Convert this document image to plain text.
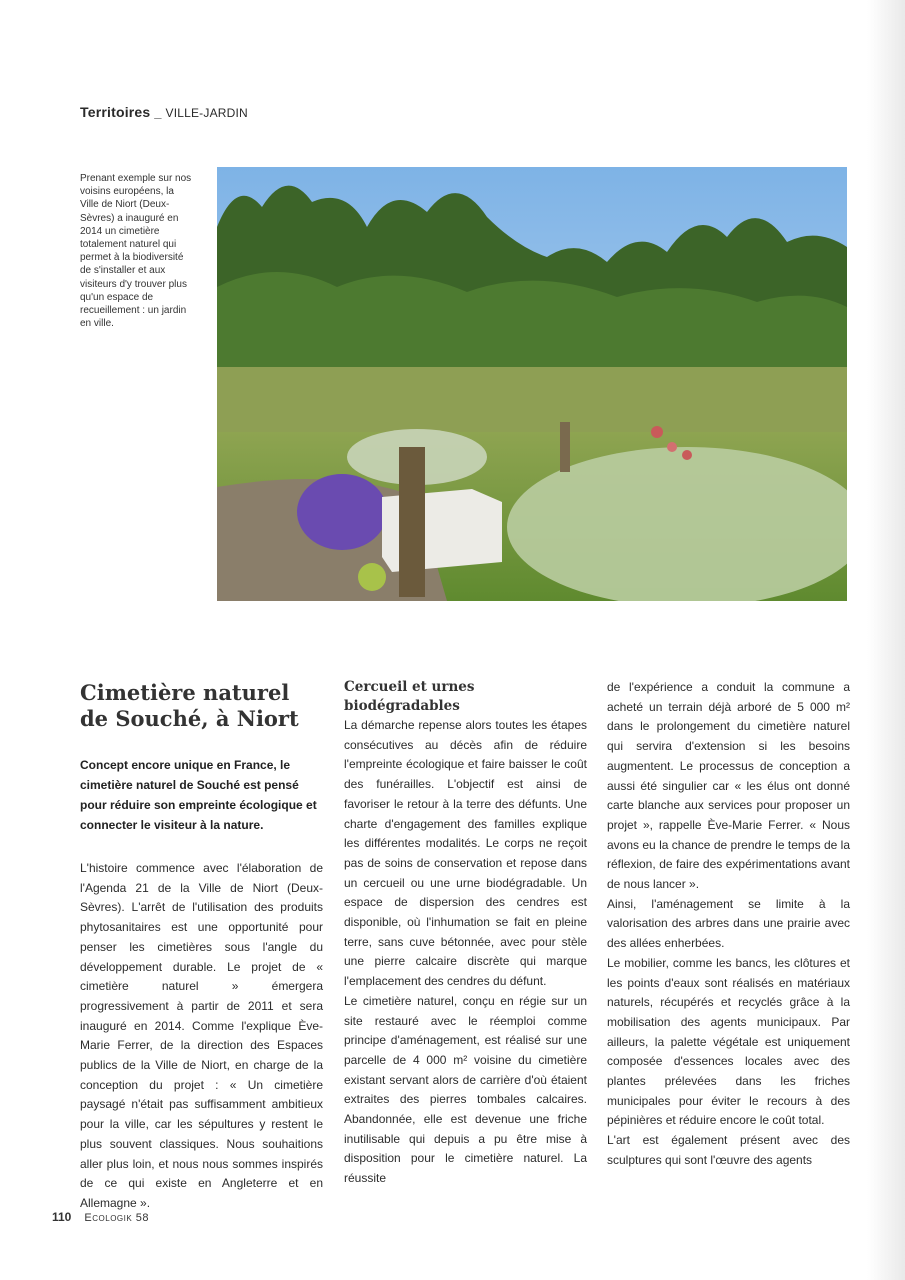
Territoires _ VILLE-JARDIN
Prenant exemple sur nos voisins européens, la Ville de Niort (Deux-Sèvres) a inauguré en 2014 un cimetière totalement naturel qui permet à la biodiversité de s'installer et aux visiteurs d'y trouver plus qu'un espace de recueillement : un jardin en ville.
Cimetière naturel
de Souché, à Niort
Concept encore unique en France, le cimetière naturel de Souché est pensé pour réduire son empreinte écologique et connecter le visiteur à la nature.

L'histoire commence avec l'élaboration de l'Agenda 21 de la Ville de Niort (Deux-Sèvres). L'arrêt de l'utilisation des produits phytosanitaires est une opportunité pour penser les cimetières sous l'angle du développement durable. Le projet de « cimetière naturel » émergera progressivement à partir de 2011 et sera inauguré en 2014. Comme l'explique Ève-Marie Ferrer, de la direction des Espaces publics de la Ville de Niort, en charge de la conception du projet : « Un cimetière paysagé n'était pas suffisamment ambitieux pour la ville, car les sépultures y restent le plus souvent classiques. Nous souhaitions aller plus loin, et nous nous sommes inspirés de ce qui existe en Angleterre et en Allemagne ».

Cercueil et urnes biodégradables

La démarche repense alors toutes les étapes consécutives au décès afin de réduire l'empreinte écologique et faire baisser le coût des funérailles. L'objectif est ainsi de favoriser le retour à la terre des défunts. Une charte d'engagement des familles explique les différentes modalités. Le corps ne reçoit pas de soins de conservation et repose dans un cercueil ou une urne biodégradable. Un espace de dispersion des cendres est disponible, où l'inhumation se fait en pleine terre, sans cuve bétonnée, avec pour stèle une pierre calcaire discrète qui marque l'emplacement des cendres du défunt.

Le cimetière naturel, conçu en régie sur un site restauré avec le réemploi comme principe d'aménagement, est réalisé sur une parcelle de 4 000 m² voisine du cimetière existant servant alors de carrière d'où étaient extraites des pierres tombales calcaires. Abandonnée, elle est devenue une friche inutilisable qui depuis a pu être mise à disposition pour le cimetière naturel. La réussite

de l'expérience a conduit la commune a acheté un terrain déjà arboré de 5 000 m² dans le prolongement du cimetière naturel qui servira d'extension si les besoins augmentent. Le processus de conception a aussi été singulier car « les élus ont donné carte blanche aux services pour proposer un projet », rappelle Ève-Marie Ferrer. « Nous avons eu la chance de prendre le temps de la réflexion, de faire des expérimentations avant de nous lancer ».

Ainsi, l'aménagement se limite à la valorisation des arbres dans une prairie avec des allées enherbées.

Le mobilier, comme les bancs, les clôtures et les points d'eaux sont réalisés en matériaux naturels, récupérés et recyclés grâce à la mobilisation des agents municipaux. Par ailleurs, la palette végétale est uniquement composée d'essences locales avec des plantes prélevées dans les friches municipales pour éviter le recours à des pépinières et réduire encore le coût total.

L'art est également présent avec des sculptures qui sont l'œuvre des agents

110 Ecologik 58
